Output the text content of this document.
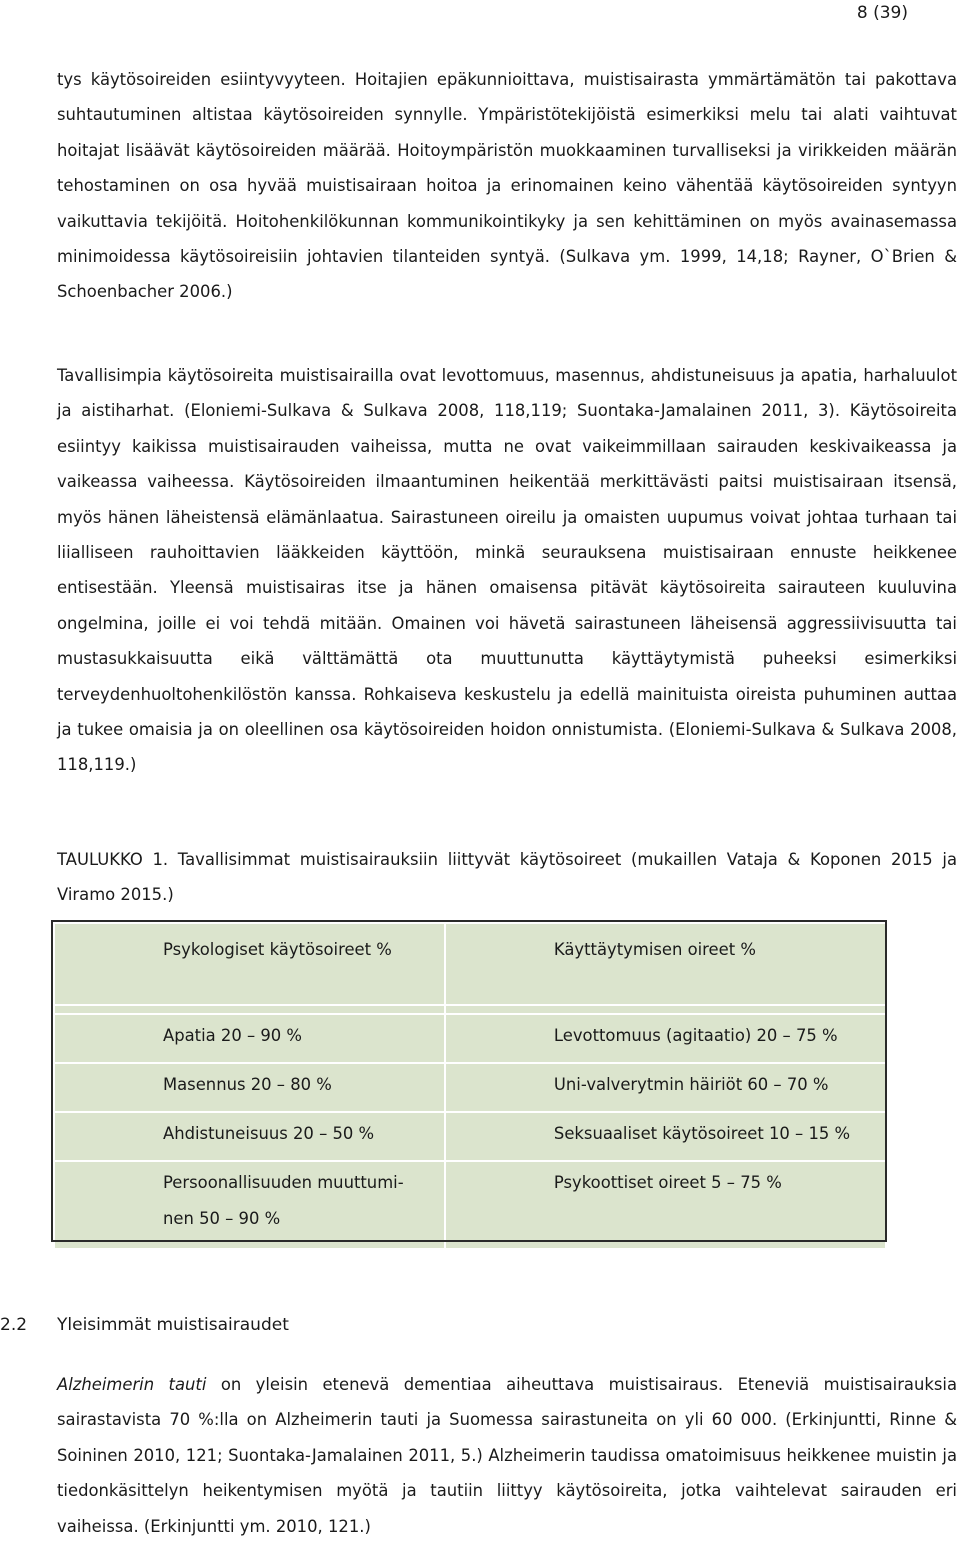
8 (39)

tys käytösoireiden esiintyvyyteen. Hoitajien epäkunnioittava, muistisairasta ymmärtämätön tai pakottava suhtautuminen altistaa käytösoireiden synnylle. Ympäristötekijöistä esimerkiksi melu tai alati vaihtuvat hoitajat lisäävät käytösoireiden määrää. Hoitoympäristön muokkaaminen turvalliseksi ja virikkeiden määrän tehostaminen on osa hyvää muistisairaan hoitoa ja erinomainen keino vähentää käytösoireiden syntyyn vaikuttavia tekijöitä. Hoitohenkilökunnan kommunikointikyky ja sen kehittäminen on myös avainasemassa minimoidessa käytösoireisiin johtavien tilanteiden syntyä. (Sulkava ym. 1999, 14,18; Rayner, O`Brien & Schoenbacher 2006.)

Tavallisimpia käytösoireita muistisairailla ovat levottomuus, masennus, ahdistuneisuus ja apatia, harhaluulot ja aistiharhat. (Eloniemi-Sulkava & Sulkava 2008, 118,119; Suontaka-Jamalainen 2011, 3). Käytösoireita esiintyy kaikissa muistisairauden vaiheissa, mutta ne ovat vaikeimmillaan sairauden keskivaikeassa ja vaikeassa vaiheessa. Käytösoireiden ilmaantuminen heikentää merkittävästi paitsi muistisairaan itsensä, myös hänen läheistensä elämänlaatua. Sairastuneen oireilu ja omaisten uupumus voivat johtaa turhaan tai liialliseen rauhoittavien lääkkeiden käyttöön, minkä seurauksena muistisairaan ennuste heikkenee entisestään. Yleensä muistisairas itse ja hänen omaisensa pitävät käytösoireita sairauteen kuuluvina ongelmina, joille ei voi tehdä mitään. Omainen voi hävetä sairastuneen läheisensä aggressiivisuutta tai mustasukkaisuutta eikä välttämättä ota muuttunutta käyttäytymistä puheeksi esimerkiksi terveydenhuoltohenkilöstön kanssa. Rohkaiseva keskustelu ja edellä mainituista oireista puhuminen auttaa ja tukee omaisia ja on oleellinen osa käytösoireiden hoidon onnistumista. (Eloniemi-Sulkava & Sulkava 2008, 118,119.)

TAULUKKO 1. Tavallisimmat muistisairauksiin liittyvät käytösoireet (mukaillen Vataja & Koponen 2015 ja Viramo 2015.)

Psykologiset käytösoireet %	Käyttäytymisen oireet %

Apatia 20 – 90 %	Levottomuus (agitaatio) 20 – 75 %

Masennus 20 – 80 %	Uni-valverytmin häiriöt 60 – 70 %

Ahdistuneisuus 20 – 50 %	Seksuaaliset käytösoireet 10 – 15 %

Persoonallisuuden muuttumi-nen 50 – 90 %	Psykoottiset oireet 5 – 75 %
2.2 Yleisimmät muistisairaudet

Alzheimerin tauti on yleisin etenevä dementiaa aiheuttava muistisairaus. Eteneviä muistisairauksia sairastavista 70 %:lla on Alzheimerin tauti ja Suomessa sairastuneita on yli 60 000. (Erkinjuntti, Rinne & Soininen 2010, 121; Suontaka-Jamalainen 2011, 5.) Alzheimerin taudissa omatoimisuus heikkenee muistin ja tiedonkäsittelyn heikentymisen myötä ja tautiin liittyy käytösoireita, jotka vaihtelevat sairauden eri vaiheissa. (Erkinjuntti ym. 2010, 121.)
